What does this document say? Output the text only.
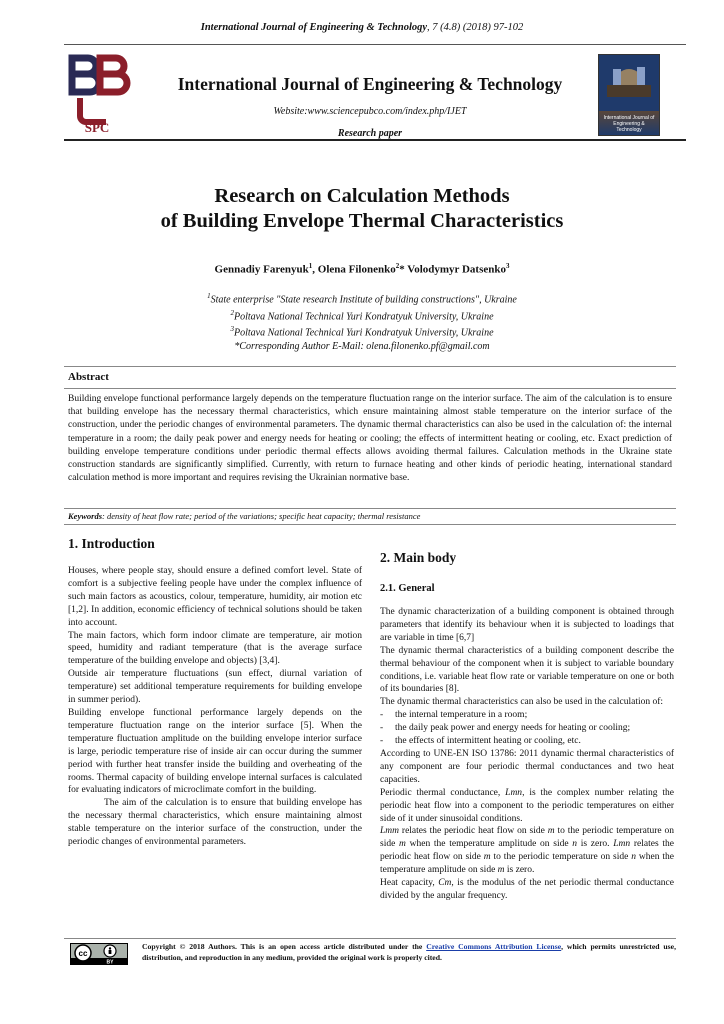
International Journal of Engineering & Technology, 7 (4.8) (2018) 97-102
SPC
International Journal of Engineering & Technology
Website:www.sciencepubco.com/index.php/IJET
Research paper
International Journal of Engineering & Technology
Research on Calculation Methods
of Building Envelope Thermal Characteristics
Gennadiy Farenyuk$^1$, Olena Filonenko$^2$* Volodymyr Datsenko$^3$
$^1$State enterprise "State research Institute of building constructions", Ukraine
$^2$Poltava National Technical Yuri Kondratyuk University, Ukraine
$^3$Poltava National Technical Yuri Kondratyuk University, Ukraine
*Corresponding Author E-Mail: olena.filonenko.pf@gmail.com
Abstract
Building envelope functional performance largely depends on the temperature fluctuation range on the interior surface. The aim of the calculation is to ensure that building envelope has the necessary thermal characteristics, which ensure maintaining almost stable temperature on the interior surface of the construction, under the periodic changes of environmental parameters. The dynamic thermal characteristics can also be used in the calculation of: the internal temperature in a room; the daily peak power and energy needs for heating or cooling; the effects of intermittent heating or cooling, etc. Exact prediction of building envelope temperature conditions under periodic thermal effects allows avoiding thermal failures. Calculation methods in the Ukraine state construction standards are significantly simplified. Currently, with return to furnace heating and other kinds of periodic heating, international standard calculation method is more important and requires revising the Ukrainian normative base.
Keywords: density of heat flow rate; period of the variations; specific heat capacity; thermal resistance
1. Introduction

Houses, where people stay, should ensure a defined comfort level. State of comfort is a subjective feeling people have under the complex influence of such main factors as acoustics, colour, temperature, humidity, air motion etc [1,2]. In addition, economic efficiency of technical solutions should be taken into account.

The main factors, which form indoor climate are temperature, air motion speed, humidity and radiant temperature (that is the average surface temperature of the building envelope and objects) [3,4].

Outside air temperature fluctuations (sun effect, diurnal variation of temperature) set additional temperature requirements for building envelope in summer period).

Building envelope functional performance largely depends on the temperature fluctuation range on the interior surface [5]. When the temperature fluctuation amplitude on the building envelope interior surface is large, periodic temperature rise of inside air can occur during the summer period with further heat transfer inside the building and overheating of the rooms. Thermal capacity of building envelope internal surfaces is calculated for evaluating indicators of microclimate comfort in the building.

The aim of the calculation is to ensure that building envelope has the necessary thermal characteristics, which ensure maintaining almost stable temperature on the interior surface of the construction, under the periodic changes of environmental parameters.

2. Main body
2.1. General

The dynamic characterization of a building component is obtained through parameters that identify its behaviour when it is subjected to loadings that are variable in time [6,7]

The dynamic thermal characteristics of a building component describe the thermal behaviour of the component when it is subject to variable boundary conditions, i.e. variable heat flow rate or variable temperature on one or both of its boundaries [8].

The dynamic thermal characteristics can also be used in the calculation of:

- the internal temperature in a room;

- the daily peak power and energy needs for heating or cooling;

- the effects of intermittent heating or cooling, etc.

According to UNE-EN ISO 13786: 2011 dynamic thermal characteristics of any component are four periodic thermal conductances and two heat capacities.

Periodic thermal conductance, Lmn, is the complex number relating the periodic heat flow into a component to the periodic temperatures on either side of it under sinusoidal conditions.

Lmm relates the periodic heat flow on side m to the periodic temperature on side m when the temperature amplitude on side n is zero. Lmn relates the periodic heat flow on side m to the periodic temperature on side n when the temperature amplitude on side m is zero.

Heat capacity, Cm, is the modulus of the net periodic thermal conductance divided by the angular frequency.

cc
BY
Copyright © 2018 Authors. This is an open access article distributed under the Creative Commons Attribution License, which permits unrestricted use, distribution, and reproduction in any medium, provided the original work is properly cited.
